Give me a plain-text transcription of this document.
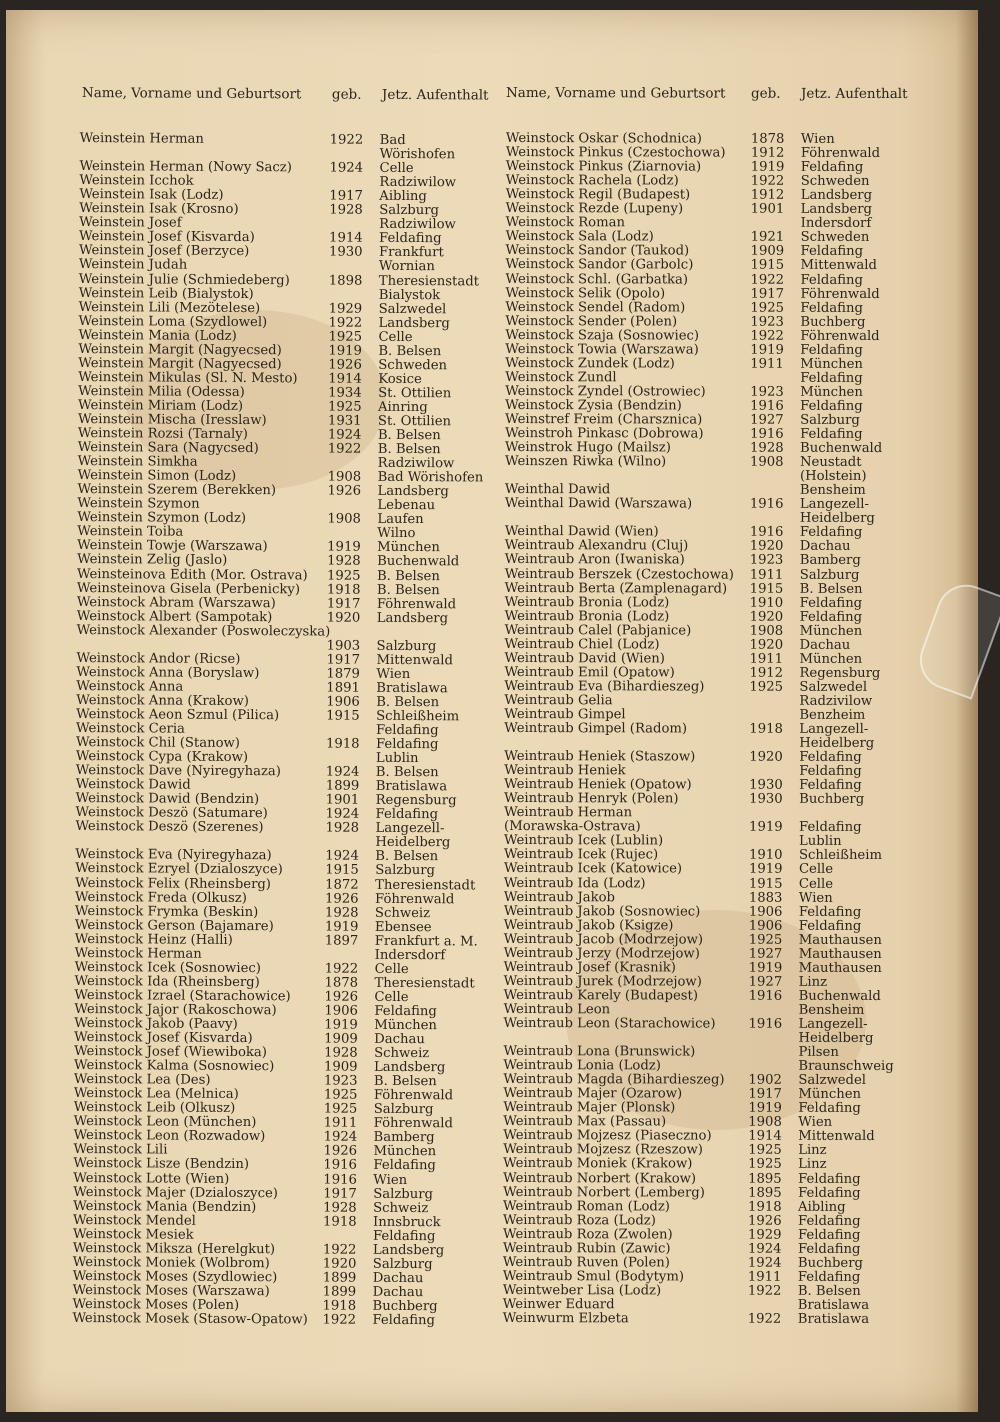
Name, Vorname und Geburtsort geb. Jetz. Aufenthalt
Weinstein Herman	1922 Bad
Wörishofen
Weinstein Herman (Nowy Sacz)	1924 Celle
Weinstein Icchok	Radziwilow
Weinstein Isak (Lodz)	1917 Aibling
Weinstein Isak (Krosno)	1928 Salzburg
Weinstein Josef	Radziwilow
Weinstein Josef (Kisvarda)	1914 Feldafing
Weinstein Josef (Berzyce)	1930 Frankfurt
Weinstein Judah	Wornian
Weinstein Julie (Schmiedeberg)	1898 Theresienstadt
Weinstein Leib (Bialystok)	Bialystok
Weinstein Lili (Mezötelese)	1929 Salzwedel
Weinstein Loma (Szydlowel)	1922 Landsberg
Weinstein Mania (Lodz)	1925 Celle
Weinstein Margit (Nagyecsed)	1919 B. Belsen
Weinstein Margit (Nagyecsed)	1926 Schweden
Weinstein Mikulas (Sl. N. Mesto) 1914 Kosice
Weinstein Milia (Odessa)	1934 St. Ottilien
Weinstein Miriam (Lodz)	1925 Ainring
Weinstein Mischa (Iresslaw)	1931 St. Ottilien
Weinstein Rozsi (Tarnaly)	1924 B. Belsen
Weinstein Sara (Nagycsed)	1922 B. Belsen
Weinstein Simkha	Radziwilow
Weinstein Simon (Lodz)	1908 Bad Wörishofen
Weinstein Szerem (Berekken)	1926 Landsberg
Weinstein Szymon	Lebenau
Weinstein Szymon (Lodz)	1908 Laufen
Weinstein Toiba	Wilno
Weinstein Towje (Warszawa)	1919 München
Weinstein Zelig (Jaslo)	1928 Buchenwald
Weinsteinova Edith (Mor. Ostrava) 1925 B. Belsen
Weinsteinova Gisela (Perbenicky) 1918 B. Belsen
Weinstock Abram (Warszawa)	1917 Föhrenwald
Weinstock Albert (Sampotak)	1920 Landsberg
Weinstock Alexander (Poswoleczyska)
1903 Salzburg
Weinstock Andor (Ricse)	1917 Mittenwald
Weinstock Anna (Boryslaw)	1879 Wien
Weinstock Anna	1891 Bratislawa
Weinstock Anna (Krakow)	1906 B. Belsen
Weinstock Aeon Szmul (Pilica)	1915 Schleißheim
Weinstock Ceria	Feldafing
Weinstock Chil (Stanow)	1918 Feldafing
Weinstock Cypa (Krakow)	Lublin
Weinstock Dave (Nyiregyhaza)	1924 B. Belsen
Weinstock Dawid	1899 Bratislawa
Weinstock Dawid (Bendzin)	1901 Regensburg
Weinstock Deszö (Satumare)	1924 Feldafing
Weinstock Deszö (Szerenes)	1928 Langezell-
Heidelberg
Weinstock Eva (Nyiregyhaza)	1924 B. Belsen
Weinstock Ezryel (Dzialoszyce)	1915 Salzburg
Weinstock Felix (Rheinsberg)	1872 Theresienstadt
Weinstock Freda (Olkusz)	1926 Föhrenwald
Weinstock Frymka (Beskin)	1928 Schweiz
Weinstock Gerson (Bajamare)	1919 Ebensee
Weinstock Heinz (Halli)	1897 Frankfurt a. M.
Weinstock Herman	Indersdorf
Weinstock Icek (Sosnowiec)	1922 Celle
Weinstock Ida (Rheinsberg)	1878 Theresienstadt
Weinstock Izrael (Starachowice)	1926 Celle
Weinstock Jajor (Rakoschowa)	1906 Feldafing
Weinstock Jakob (Paavy)	1919 München
Weinstock Josef (Kisvarda)	1909 Dachau
Weinstock Josef (Wiewiboka)	1928 Schweiz
Weinstock Kalma (Sosnowiec)	1909 Landsberg
Weinstock Lea (Des)	1923 B. Belsen
Weinstock Lea (Melnica)	1925 Föhrenwald
Weinstock Leib (Olkusz)	1925 Salzburg
Weinstock Leon (München)	1911 Föhrenwald
Weinstock Leon (Rozwadow)	1924 Bamberg
Weinstock Lili	1926 München
Weinstock Lisze (Bendzin)	1916 Feldafing
Weinstock Lotte (Wien)	1916 Wien
Weinstock Majer (Dzialoszyce)	1917 Salzburg
Weinstock Mania (Bendzin)	1928 Schweiz
Weinstock Mendel	1918 Innsbruck
Weinstock Mesiek	Feldafing
Weinstock Miksza (Herelgkut)	1922 Landsberg
Weinstock Moniek (Wolbrom)	1920 Salzburg
Weinstock Moses (Szydlowiec)	1899 Dachau
Weinstock Moses (Warszawa)	1899 Dachau
Weinstock Moses (Polen)	1918 Buchberg
Weinstock Mosek (Stasow-Opatow) 1922 Feldafing
Name, Vorname und Geburtsort geb. Jetz. Aufenthalt
Weinstock Oskar (Schodnica)	1878 Wien
Weinstock Pinkus (Czestochowa) 1912 Föhrenwald
Weinstock Pinkus (Ziarnovia)	1919 Feldafing
Weinstock Rachela (Lodz)	1922 Schweden
Weinstock Regil (Budapest)	1912 Landsberg
Weinstock Rezde (Lupeny)	1901 Landsberg
Weinstock Roman	Indersdorf
Weinstock Sala (Lodz)	1921 Schweden
Weinstock Sandor (Taukod)	1909 Feldafing
Weinstock Sandor (Garbolc)	1915 Mittenwald
Weinstock Schl. (Garbatka)	1922 Feldafing
Weinstock Selik (Opolo)	1917 Föhrenwald
Weinstock Sendel (Radom)	1925 Feldafing
Weinstock Sender (Polen)	1923 Buchberg
Weinstock Szaja (Sosnowiec)	1922 Föhrenwald
Weinstock Towia (Warszawa)	1919 Feldafing
Weinstock Zundek (Lodz)	1911 München
Weinstock Zundl	Feldafing
Weinstock Zyndel (Ostrowiec)	1923 München
Weinstock Zysia (Bendzin)	1916 Feldafing
Weinstref Freim (Charsznica)	1927 Salzburg
Weinstroh Pinkasc (Dobrowa)	1916 Feldafing
Weinstrok Hugo (Mailsz)	1928 Buchenwald
Weinszen Riwka (Wilno)	1908 Neustadt
(Holstein)
Weinthal Dawid	Bensheim
Weinthal Dawid (Warszawa)	1916 Langezell-
Heidelberg
Weinthal Dawid (Wien)	1916 Feldafing
Weintraub Alexandru (Cluj)	1920 Dachau
Weintraub Aron (Iwaniska)	1923 Bamberg
Weintraub Berszek (Czestochowa) 1911 Salzburg
Weintraub Berta (Zamplenagard) 1915 B. Belsen
Weintraub Bronia (Lodz)	1910 Feldafing
Weintraub Bronia (Lodz)	1920 Feldafing
Weintraub Calel (Pabjanice)	1908 München
Weintraub Chiel (Lodz)	1920 Dachau
Weintraub David (Wien)	1911 München
Weintraub Emil (Opatow)	1912 Regensburg
Weintraub Eva (Bihardieszeg)	1925 Salzwedel
Weintraub Gelia	Radzivilow
Weintraub Gimpel	Benzheim
Weintraub Gimpel (Radom)	1918 Langezell-
Heidelberg
Weintraub Heniek (Staszow)	1920 Feldafing
Weintraub Heniek	Feldafing
Weintraub Heniek (Opatow)	1930 Feldafing
Weintraub Henryk (Polen)	1930 Buchberg
Weintraub Herman
(Morawska-Ostrava)	1919 Feldafing
Weintraub Icek (Lublin)	Lublin
Weintraub Icek (Rujec)	1910 Schleißheim
Weintraub Icek (Katowice)	1919 Celle
Weintraub Ida (Lodz)	1915 Celle
Weintraub Jakob	1883 Wien
Weintraub Jakob (Sosnowiec)	1906 Feldafing
Weintraub Jakob (Ksigze)	1906 Feldafing
Weintraub Jacob (Modrzejow)	1925 Mauthausen
Weintraub Jerzy (Modrzejow)	1927 Mauthausen
Weintraub Josef (Krasnik)	1919 Mauthausen
Weintraub Jurek (Modrzejow)	1927 Linz
Weintraub Karely (Budapest)	1916 Buchenwald
Weintraub Leon	Bensheim
Weintraub Leon (Starachowice)	1916 Langezell-
Heidelberg
Weintraub Lona (Brunswick)	Pilsen
Weintraub Lonia (Lodz)	Braunschweig
Weintraub Magda (Bihardieszeg) 1902 Salzwedel
Weintraub Majer (Ozarow)	1917 München
Weintraub Majer (Plonsk)	1919 Feldafing
Weintraub Max (Passau)	1908 Wien
Weintraub Mojzesz (Piaseczno)	1914 Mittenwald
Weintraub Mojzesz (Rzeszow)	1925 Linz
Weintraub Moniek (Krakow)	1925 Linz
Weintraub Norbert (Krakow)	1895 Feldafing
Weintraub Norbert (Lemberg)	1895 Feldafing
Weintraub Roman (Lodz)	1918 Aibling
Weintraub Roza (Lodz)	1926 Feldafing
Weintraub Roza (Zwolen)	1929 Feldafing
Weintraub Rubin (Zawic)	1924 Feldafing
Weintraub Ruven (Polen)	1924 Buchberg
Weintraub Smul (Bodytym)	1911 Feldafing
Weintweber Lisa (Lodz)	1922 B. Belsen
Weinwer Eduard	Bratislawa
Weinwurm Elzbeta	1922 Bratislawa
